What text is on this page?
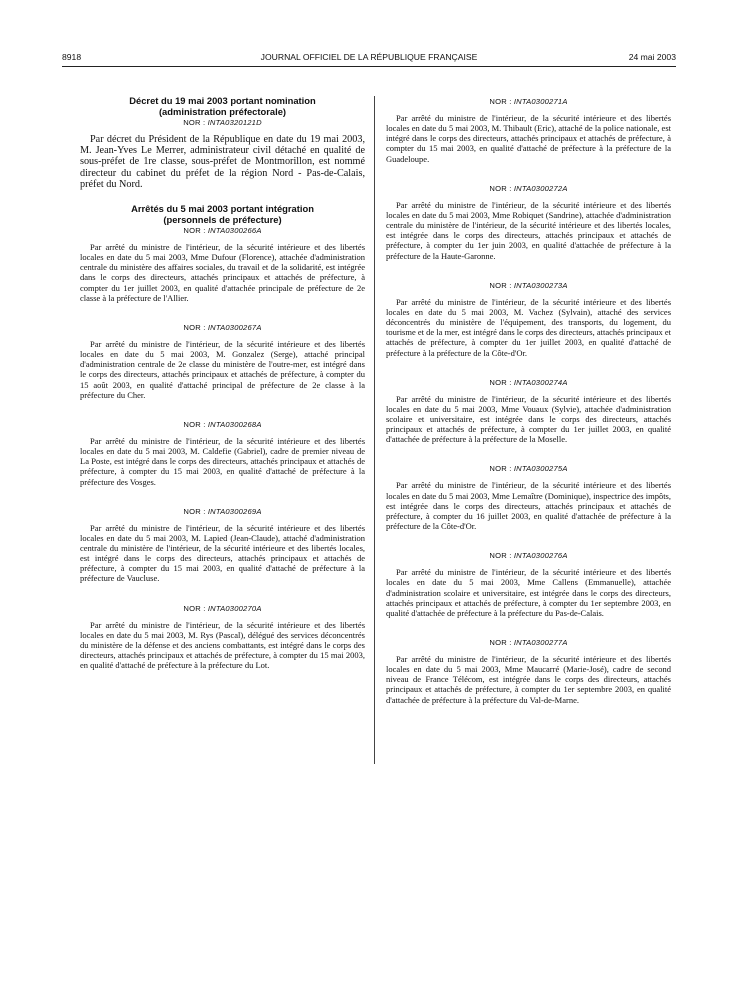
8918	JOURNAL OFFICIEL DE LA RÉPUBLIQUE FRANÇAISE	24 mai 2003

Décret du 19 mai 2003 portant nomination
(administration préfectorale)

NOR : INTA0320121D

Par décret du Président de la République en date du 19 mai 2003, M. Jean-Yves Le Merrer, administrateur civil détaché en qualité de sous-préfet de 1re classe, sous-préfet de Montmorillon, est nommé directeur du cabinet du préfet de la région Nord - Pas-de-Calais, préfet du Nord.

Arrêtés du 5 mai 2003 portant intégration
(personnels de préfecture)

NOR : INTA0300266A

Par arrêté du ministre de l'intérieur, de la sécurité intérieure et des libertés locales en date du 5 mai 2003, Mme Dufour (Florence), attachée d'administration centrale du ministère des affaires sociales, du travail et de la solidarité, est intégrée dans le corps des directeurs, attachés principaux et attachés de préfecture, à compter du 1er juillet 2003, en qualité d'attachée principale de préfecture de 2e classe à la préfecture de l'Allier.

NOR : INTA0300267A

Par arrêté du ministre de l'intérieur, de la sécurité intérieure et des libertés locales en date du 5 mai 2003, M. Gonzalez (Serge), attaché principal d'administration centrale de 2e classe du ministère de l'outre-mer, est intégré dans le corps des directeurs, attachés principaux et attachés de préfecture, à compter du 15 août 2003, en qualité d'attaché principal de préfecture de 2e classe à la préfecture du Cher.

NOR : INTA0300268A

Par arrêté du ministre de l'intérieur, de la sécurité intérieure et des libertés locales en date du 5 mai 2003, M. Caldefie (Gabriel), cadre de premier niveau de La Poste, est intégré dans le corps des directeurs, attachés principaux et attachés de préfecture, à compter du 15 mai 2003, en qualité d'attaché de préfecture à la préfecture des Vosges.

NOR : INTA0300269A

Par arrêté du ministre de l'intérieur, de la sécurité intérieure et des libertés locales en date du 5 mai 2003, M. Lapied (Jean-Claude), attaché d'administration centrale du ministère de l'intérieur, de la sécurité intérieure et des libertés locales, est intégré dans le corps des directeurs, attachés principaux et attachés de préfecture, à compter du 15 mai 2003, en qualité d'attaché de préfecture à la préfecture de Vaucluse.

NOR : INTA0300270A

Par arrêté du ministre de l'intérieur, de la sécurité intérieure et des libertés locales en date du 5 mai 2003, M. Rys (Pascal), délégué des services déconcentrés du ministère de la défense et des anciens combattants, est intégré dans le corps des directeurs, attachés principaux et attachés de préfecture, à compter du 15 mai 2003, en qualité d'attaché de préfecture à la préfecture du Lot.

NOR : INTA0300271A

Par arrêté du ministre de l'intérieur, de la sécurité intérieure et des libertés locales en date du 5 mai 2003, M. Thibault (Eric), attaché de la police nationale, est intégré dans le corps des directeurs, attachés principaux et attachés de préfecture, à compter du 15 mai 2003, en qualité d'attaché de préfecture à la préfecture de la Guadeloupe.

NOR : INTA0300272A

Par arrêté du ministre de l'intérieur, de la sécurité intérieure et des libertés locales en date du 5 mai 2003, Mme Robiquet (Sandrine), attachée d'administration centrale du ministère de l'intérieur, de la sécurité intérieure et des libertés locales, est intégrée dans le corps des directeurs, attachés principaux et attachés de préfecture, à compter du 1er juin 2003, en qualité d'attachée de préfecture à la préfecture de la Haute-Garonne.

NOR : INTA0300273A

Par arrêté du ministre de l'intérieur, de la sécurité intérieure et des libertés locales en date du 5 mai 2003, M. Vachez (Sylvain), attaché des services déconcentrés du ministère de l'équipement, des transports, du logement, du tourisme et de la mer, est intégré dans le corps des directeurs, attachés principaux et attachés de préfecture, à compter du 1er juillet 2003, en qualité d'attaché de préfecture à la préfecture de la Côte-d'Or.

NOR : INTA0300274A

Par arrêté du ministre de l'intérieur, de la sécurité intérieure et des libertés locales en date du 5 mai 2003, Mme Vouaux (Sylvie), attachée d'administration scolaire et universitaire, est intégrée dans le corps des directeurs, attachés principaux et attachés de préfecture, à compter du 1er juillet 2003, en qualité d'attachée de préfecture à la préfecture de la Moselle.

NOR : INTA0300275A

Par arrêté du ministre de l'intérieur, de la sécurité intérieure et des libertés locales en date du 5 mai 2003, Mme Lemaître (Dominique), inspectrice des impôts, est intégrée dans le corps des directeurs, attachés principaux et attachés de préfecture, à compter du 16 juillet 2003, en qualité d'attachée de préfecture à la préfecture de la Côte-d'Or.

NOR : INTA0300276A

Par arrêté du ministre de l'intérieur, de la sécurité intérieure et des libertés locales en date du 5 mai 2003, Mme Callens (Emmanuelle), attachée d'administration scolaire et universitaire, est intégrée dans le corps des directeurs, attachés principaux et attachés de préfecture, à compter du 1er septembre 2003, en qualité d'attachée de préfecture à la préfecture du Pas-de-Calais.

NOR : INTA0300277A

Par arrêté du ministre de l'intérieur, de la sécurité intérieure et des libertés locales en date du 5 mai 2003, Mme Maucarré (Marie-José), cadre de second niveau de France Télécom, est intégrée dans le corps des directeurs, attachés principaux et attachés de préfecture, à compter du 1er septembre 2003, en qualité d'attachée de préfecture à la préfecture du Val-de-Marne.
